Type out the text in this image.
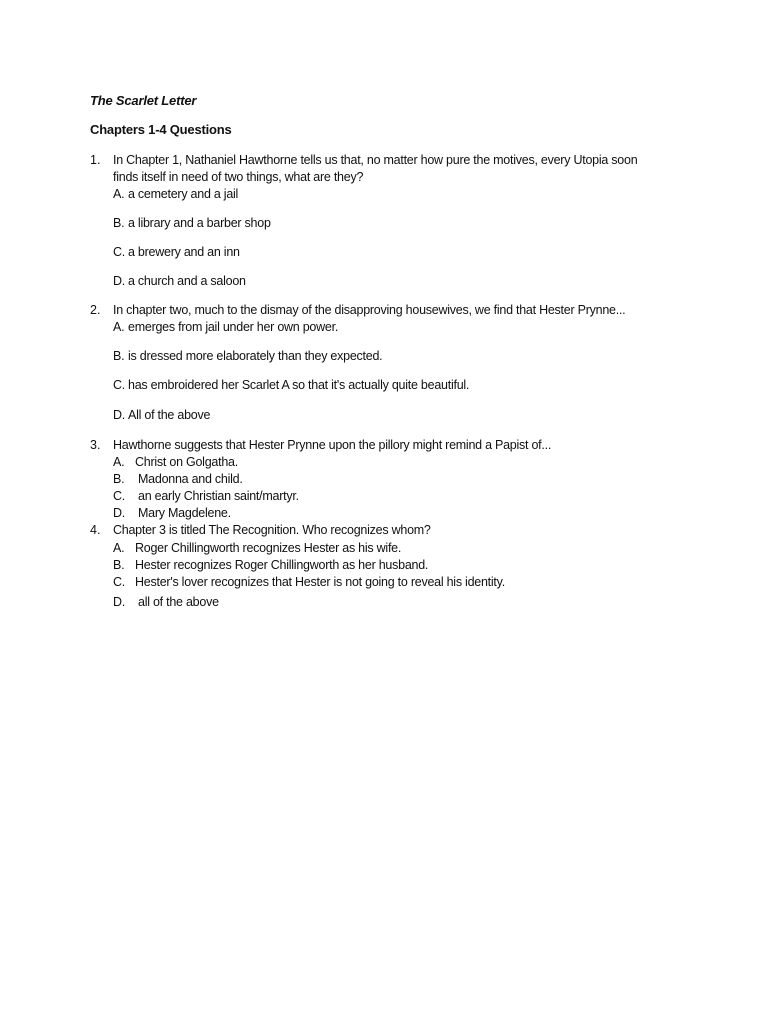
The Scarlet Letter
Chapters 1-4 Questions
1. In Chapter 1, Nathaniel Hawthorne tells us that, no matter how pure the motives, every Utopia soon
finds itself in need of two things, what are they?
A. a cemetery and a jail
B. a library and a barber shop
C. a brewery and an inn
D. a church and a saloon
2. In chapter two, much to the dismay of the disapproving housewives, we find that Hester Prynne...
A. emerges from jail under her own power.
B. is dressed more elaborately than they expected.
C. has embroidered her Scarlet A so that it's actually quite beautiful.
D. All of the above
3. Hawthorne suggests that Hester Prynne upon the pillory might remind a Papist of...
A. Christ on Golgatha.
B. Madonna and child.
C. an early Christian saint/martyr.
D. Mary Magdelene.
4. Chapter 3 is titled The Recognition. Who recognizes whom?
A. Roger Chillingworth recognizes Hester as his wife.
B. Hester recognizes Roger Chillingworth as her husband.
C. Hester's lover recognizes that Hester is not going to reveal his identity.
D. all of the above
